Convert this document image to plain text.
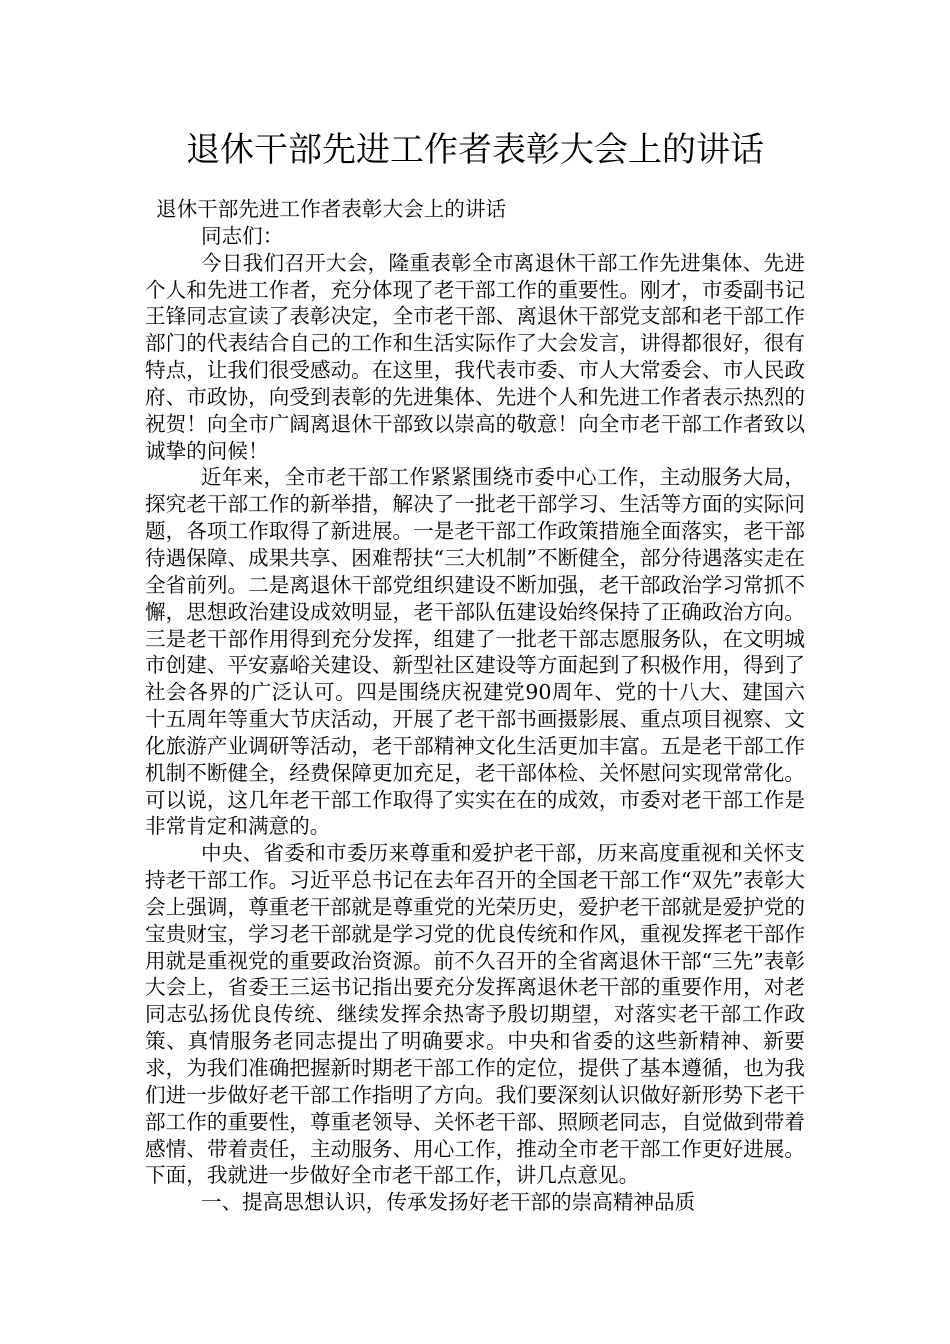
退休干部先进工作者表彰大会上的讲话

退休干部先进工作者表彰大会上的讲话

同志们：

今日我们召开大会，隆重表彰全市离退休干部工作先进集体、先进个人和先进工作者，充分体现了老干部工作的重要性。刚才，市委副书记王锋同志宣读了表彰决定，全市老干部、离退休干部党支部和老干部工作部门的代表结合自己的工作和生活实际作了大会发言，讲得都很好，很有特点，让我们很受感动。在这里，我代表市委、市人大常委会、市人民政府、市政协，向受到表彰的先进集体、先进个人和先进工作者表示热烈的祝贺！向全市广阔离退休干部致以崇高的敬意！向全市老干部工作者致以诚挚的问候！

近年来，全市老干部工作紧紧围绕市委中心工作，主动服务大局，探究老干部工作的新举措，解决了一批老干部学习、生活等方面的实际问题，各项工作取得了新进展。一是老干部工作政策措施全面落实，老干部待遇保障、成果共享、困难帮扶“三大机制”不断健全，部分待遇落实走在全省前列。二是离退休干部党组织建设不断加强，老干部政治学习常抓不懈，思想政治建设成效明显，老干部队伍建设始终保持了正确政治方向。三是老干部作用得到充分发挥，组建了一批老干部志愿服务队，在文明城市创建、平安嘉峪关建设、新型社区建设等方面起到了积极作用，得到了社会各界的广泛认可。四是围绕庆祝建党90周年、党的十八大、建国六十五周年等重大节庆活动，开展了老干部书画摄影展、重点项目视察、文化旅游产业调研等活动，老干部精神文化生活更加丰富。五是老干部工作机制不断健全，经费保障更加充足，老干部体检、关怀慰问实现常常化。可以说，这几年老干部工作取得了实实在在的成效，市委对老干部工作是非常肯定和满意的。

中央、省委和市委历来尊重和爱护老干部，历来高度重视和关怀支持老干部工作。习近平总书记在去年召开的全国老干部工作“双先”表彰大会上强调，尊重老干部就是尊重党的光荣历史，爱护老干部就是爱护党的宝贵财宝，学习老干部就是学习党的优良传统和作风，重视发挥老干部作用就是重视党的重要政治资源。前不久召开的全省离退休干部“三先”表彰大会上，省委王三运书记指出要充分发挥离退休老干部的重要作用，对老同志弘扬优良传统、继续发挥余热寄予殷切期望，对落实老干部工作政策、真情服务老同志提出了明确要求。中央和省委的这些新精神、新要求，为我们准确把握新时期老干部工作的定位，提供了基本遵循，也为我们进一步做好老干部工作指明了方向。我们要深刻认识做好新形势下老干部工作的重要性，尊重老领导、关怀老干部、照顾老同志，自觉做到带着感情、带着责任，主动服务、用心工作，推动全市老干部工作更好进展。下面，我就进一步做好全市老干部工作，讲几点意见。

一、提高思想认识，传承发扬好老干部的崇高精神品质
